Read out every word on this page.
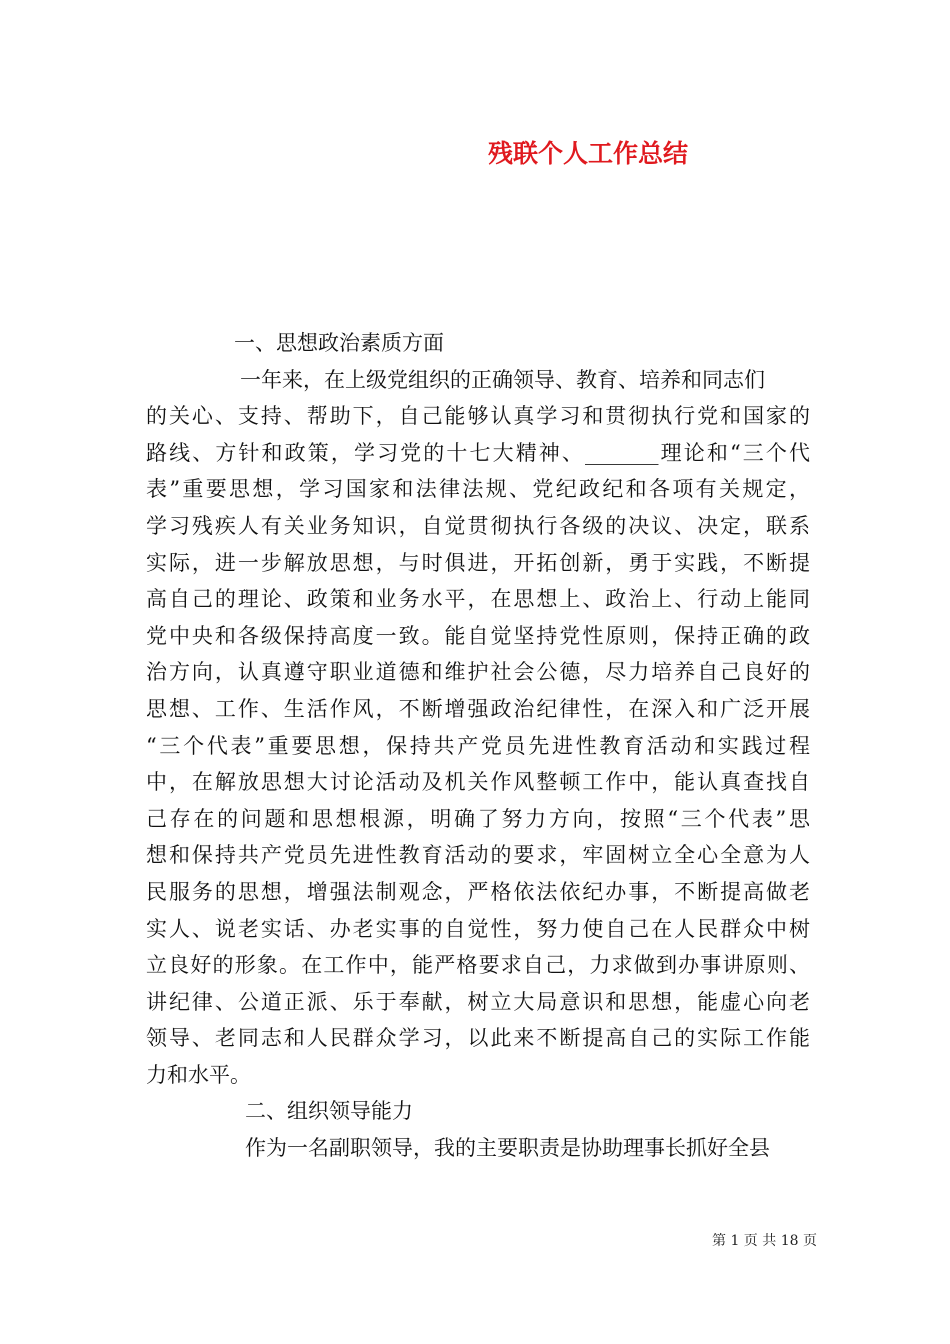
残联个人工作总结
一、思想政治素质方面
一年来，在上级党组织的正确领导、教育、培养和同志们
的关心、支持、帮助下，自己能够认真学习和贯彻执行党和国家的
路线、方针和政策，学习党的十七大精神、_______理论和“三个代
表”重要思想，学习国家和法律法规、党纪政纪和各项有关规定，
学习残疾人有关业务知识，自觉贯彻执行各级的决议、决定，联系
实际，进一步解放思想，与时俱进，开拓创新，勇于实践，不断提
高自己的理论、政策和业务水平，在思想上、政治上、行动上能同
党中央和各级保持高度一致。能自觉坚持党性原则，保持正确的政
治方向，认真遵守职业道德和维护社会公德，尽力培养自己良好的
思想、工作、生活作风，不断增强政治纪律性，在深入和广泛开展
“三个代表”重要思想，保持共产党员先进性教育活动和实践过程
中，在解放思想大讨论活动及机关作风整顿工作中，能认真查找自
己存在的问题和思想根源，明确了努力方向，按照“三个代表”思
想和保持共产党员先进性教育活动的要求，牢固树立全心全意为人
民服务的思想，增强法制观念，严格依法依纪办事，不断提高做老
实人、说老实话、办老实事的自觉性，努力使自己在人民群众中树
立良好的形象。在工作中，能严格要求自己，力求做到办事讲原则、
讲纪律、公道正派、乐于奉献，树立大局意识和思想，能虚心向老
领导、老同志和人民群众学习，以此来不断提高自己的实际工作能
力和水平。
二、组织领导能力
作为一名副职领导，我的主要职责是协助理事长抓好全县
第 1 页 共 18 页
